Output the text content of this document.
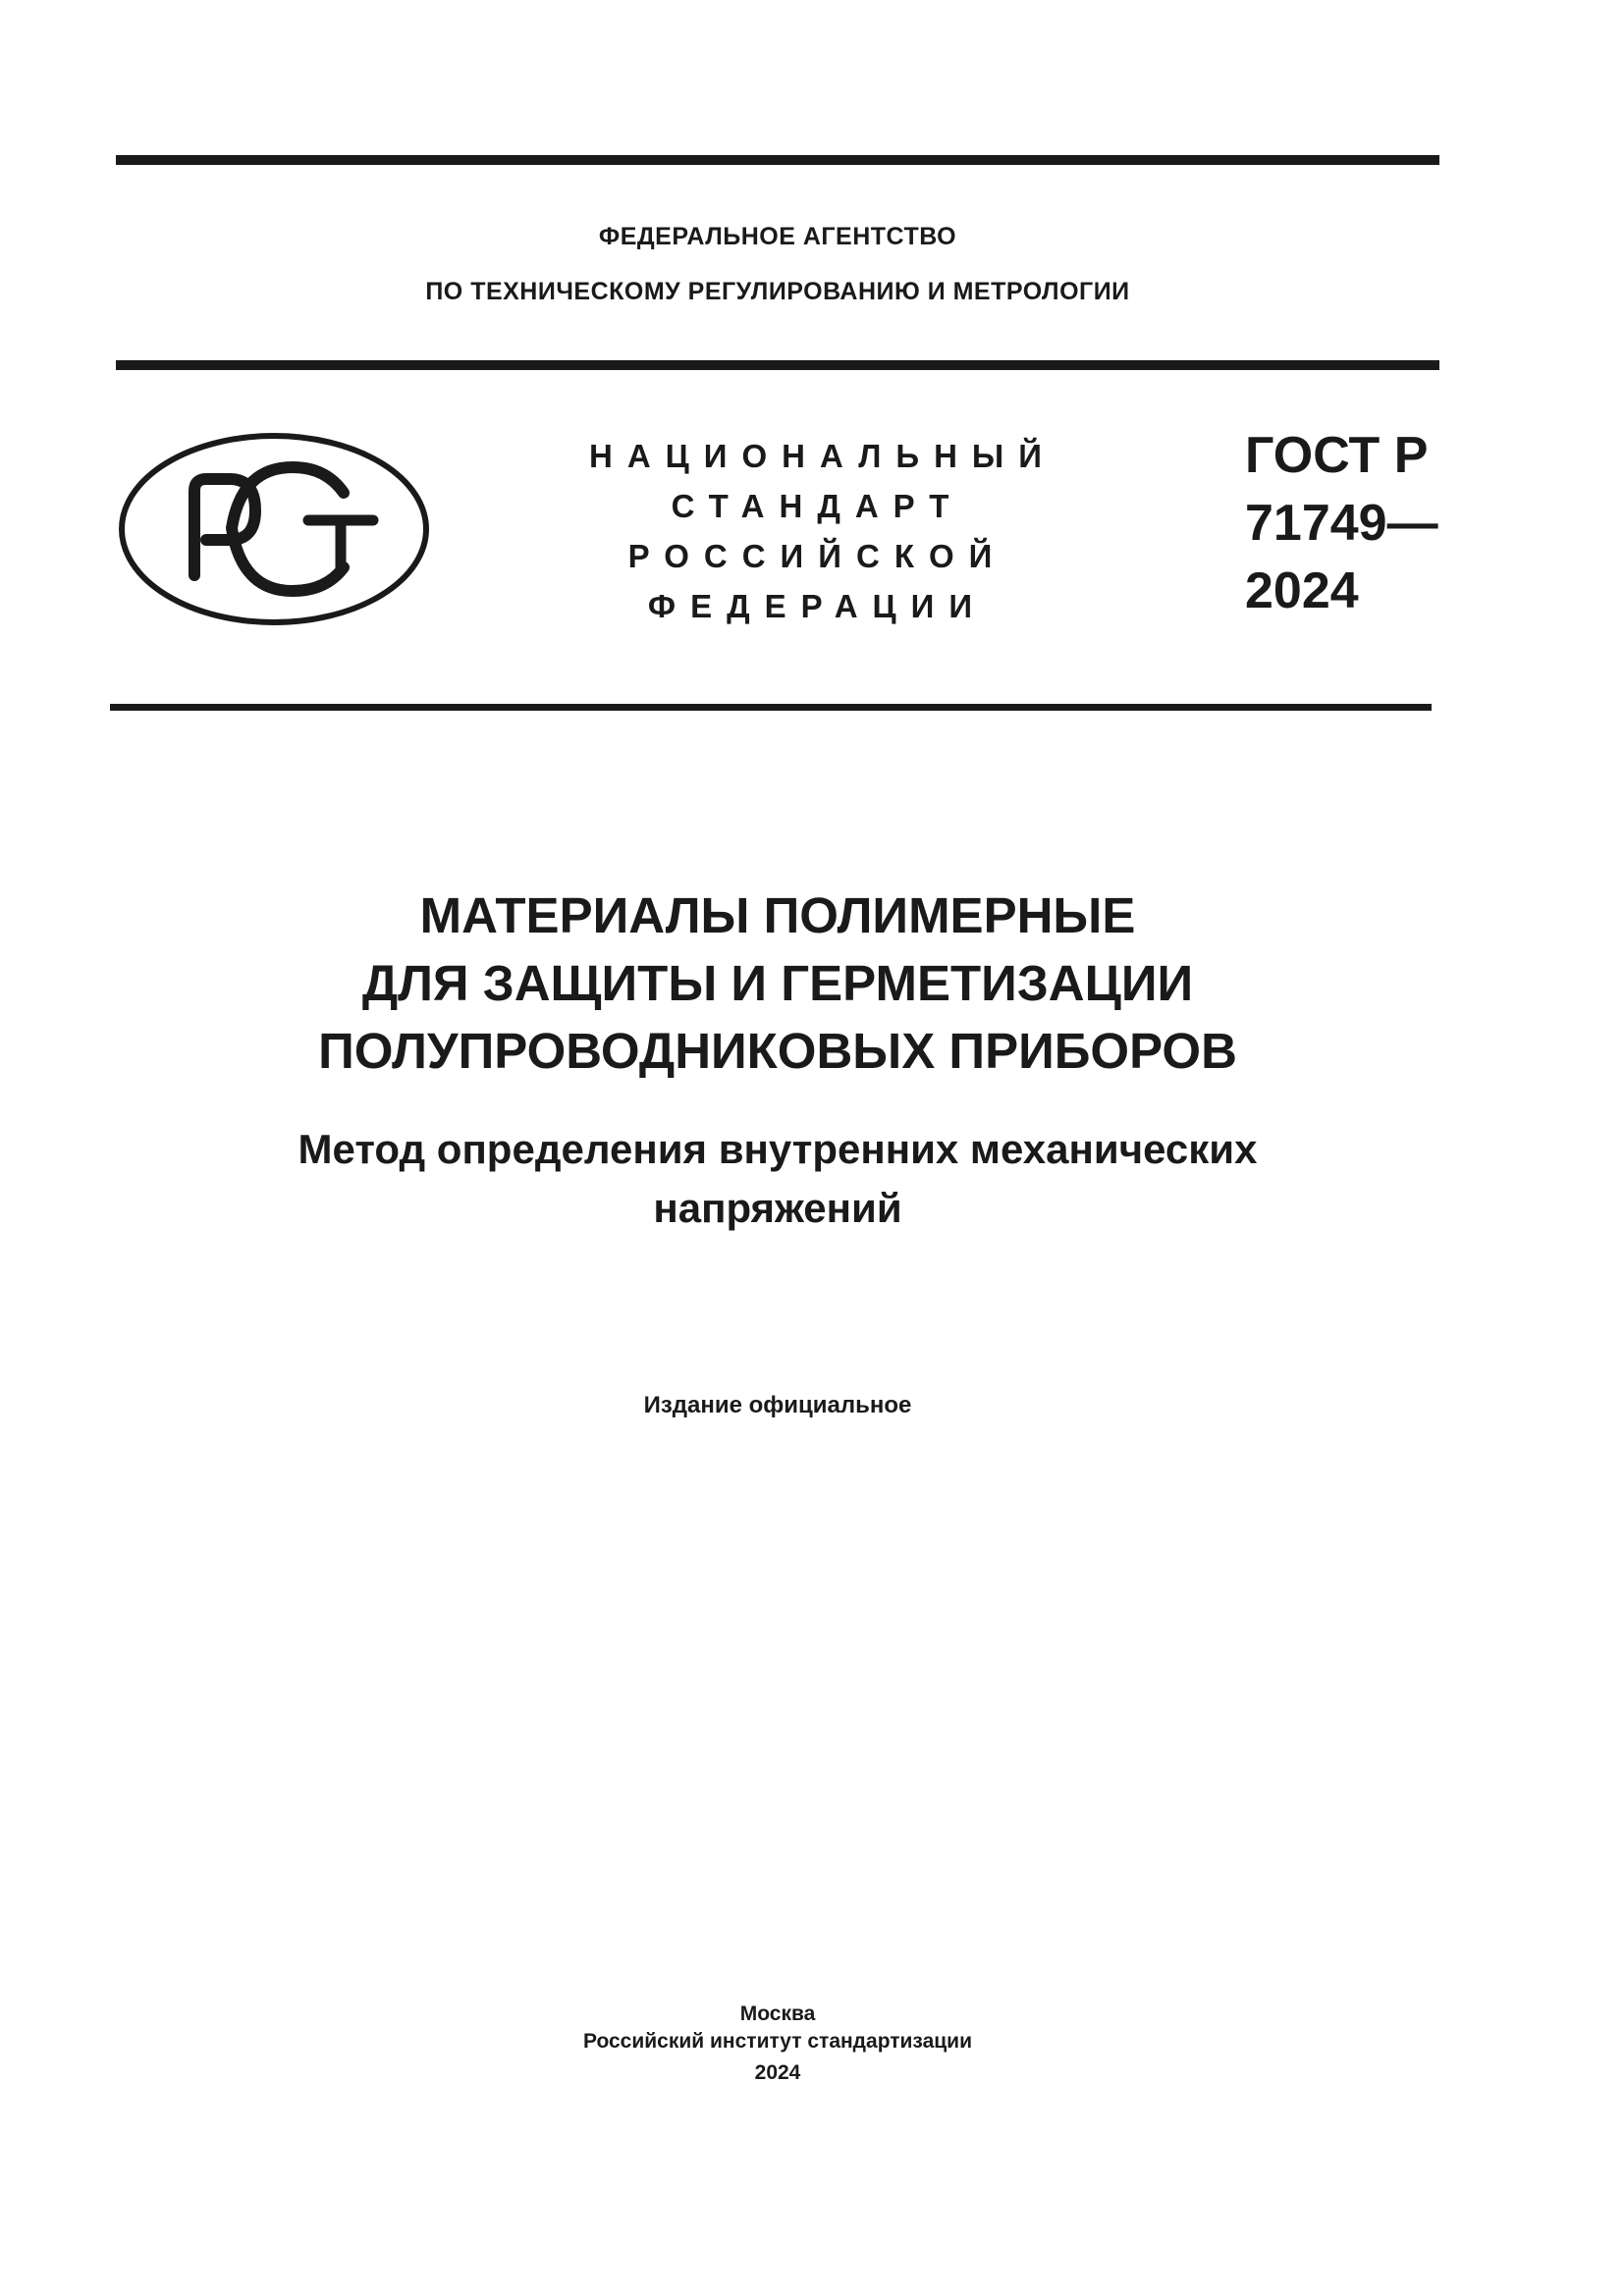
ФЕДЕРАЛЬНОЕ АГЕНТСТВО
ПО ТЕХНИЧЕСКОМУ РЕГУЛИРОВАНИЮ И МЕТРОЛОГИИ
НАЦИОНАЛЬНЫЙ
СТАНДАРТ
РОССИЙСКОЙ
ФЕДЕРАЦИИ
ГОСТ Р
71749—
2024
МАТЕРИАЛЫ ПОЛИМЕРНЫЕ
ДЛЯ ЗАЩИТЫ И ГЕРМЕТИЗАЦИИ
ПОЛУПРОВОДНИКОВЫХ ПРИБОРОВ
Метод определения внутренних механических
напряжений
Издание официальное
Москва
Российский институт стандартизации
2024
